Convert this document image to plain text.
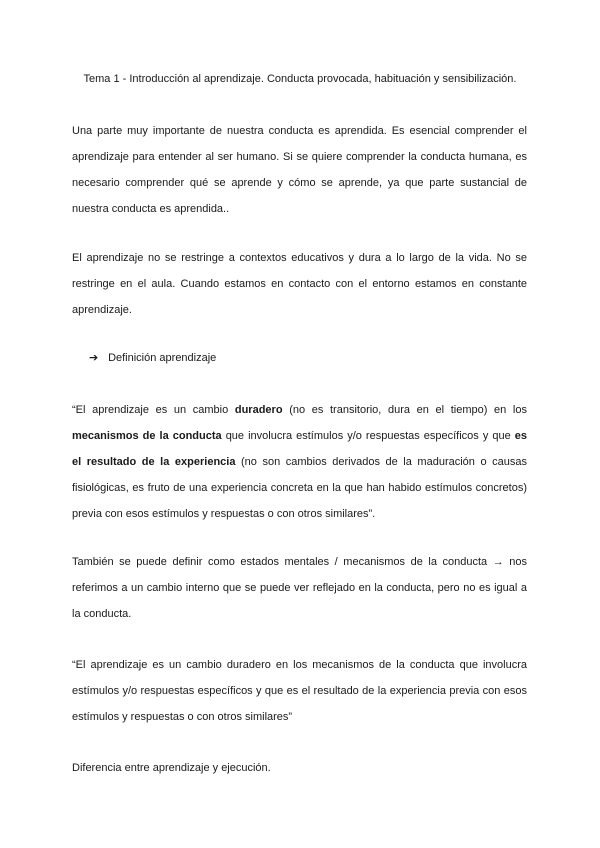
Tema 1 - Introducción al aprendizaje. Conducta provocada, habituación y sensibilización.
Una parte muy importante de nuestra conducta es aprendida. Es esencial comprender el aprendizaje para entender al ser humano. Si se quiere comprender la conducta humana, es necesario comprender qué se aprende y cómo se aprende, ya que parte sustancial de nuestra conducta es aprendida..
El aprendizaje no se restringe a contextos educativos y dura a lo largo de la vida. No se restringe en el aula. Cuando estamos en contacto con el entorno estamos en constante aprendizaje.
➔ Definición aprendizaje
“El aprendizaje es un cambio duradero (no es transitorio, dura en el tiempo) en los mecanismos de la conducta que involucra estímulos y/o respuestas específicos y que es el resultado de la experiencia (no son cambios derivados de la maduración o causas fisiológicas, es fruto de una experiencia concreta en la que han habido estímulos concretos) previa con esos estímulos y respuestas o con otros similares”.
También se puede definir como estados mentales / mecanismos de la conducta → nos referimos a un cambio interno que se puede ver reflejado en la conducta, pero no es igual a la conducta.
“El aprendizaje es un cambio duradero en los mecanismos de la conducta que involucra estímulos y/o respuestas específicos y que es el resultado de la experiencia previa con esos estímulos y respuestas o con otros similares”
Diferencia entre aprendizaje y ejecución.
